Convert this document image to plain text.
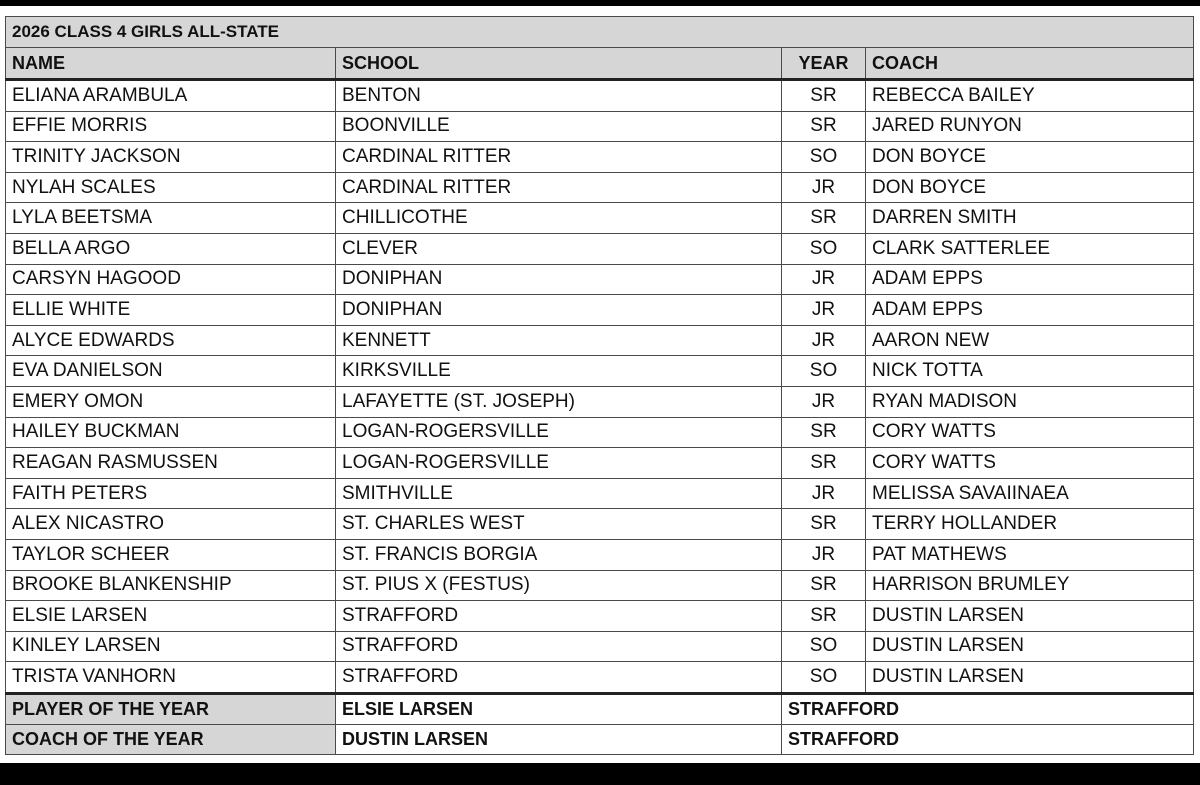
2026 CLASS 4 GIRLS ALL-STATE			
NAME	SCHOOL	YEAR	COACH
ELIANA ARAMBULA	BENTON	SR	REBECCA BAILEY
EFFIE MORRIS	BOONVILLE	SR	JARED RUNYON
TRINITY JACKSON	CARDINAL RITTER	SO	DON BOYCE
NYLAH SCALES	CARDINAL RITTER	JR	DON BOYCE
LYLA BEETSMA	CHILLICOTHE	SR	DARREN SMITH
BELLA ARGO	CLEVER	SO	CLARK SATTERLEE
CARSYN HAGOOD	DONIPHAN	JR	ADAM EPPS
ELLIE WHITE	DONIPHAN	JR	ADAM EPPS
ALYCE EDWARDS	KENNETT	JR	AARON NEW
EVA DANIELSON	KIRKSVILLE	SO	NICK TOTTA
EMERY OMON	LAFAYETTE (ST. JOSEPH)	JR	RYAN MADISON
HAILEY BUCKMAN	LOGAN-ROGERSVILLE	SR	CORY WATTS
REAGAN RASMUSSEN	LOGAN-ROGERSVILLE	SR	CORY WATTS
FAITH PETERS	SMITHVILLE	JR	MELISSA SAVAIINAEA
ALEX NICASTRO	ST. CHARLES WEST	SR	TERRY HOLLANDER
TAYLOR SCHEER	ST. FRANCIS BORGIA	JR	PAT MATHEWS
BROOKE BLANKENSHIP	ST. PIUS X (FESTUS)	SR	HARRISON BRUMLEY
ELSIE LARSEN	STRAFFORD	SR	DUSTIN LARSEN
KINLEY LARSEN	STRAFFORD	SO	DUSTIN LARSEN
TRISTA VANHORN	STRAFFORD	SO	DUSTIN LARSEN
PLAYER OF THE YEAR	ELSIE LARSEN	STRAFFORD	
COACH OF THE YEAR	DUSTIN LARSEN	STRAFFORD	
